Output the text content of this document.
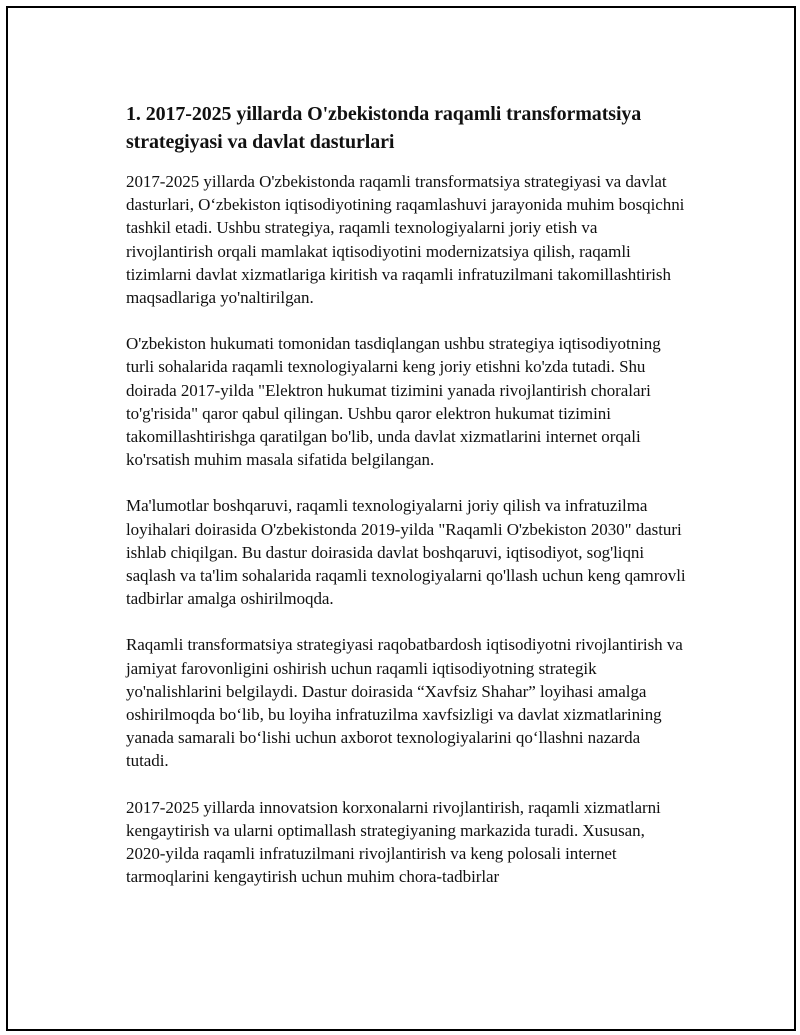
1. 2017-2025 yillarda O'zbekistonda raqamli transformatsiya strategiyasi va davlat dasturlari

2017-2025 yillarda O'zbekistonda raqamli transformatsiya strategiyasi va davlat dasturlari, O‘zbekiston iqtisodiyotining raqamlashuvi jarayonida muhim bosqichni tashkil etadi. Ushbu strategiya, raqamli texnologiyalarni joriy etish va rivojlantirish orqali mamlakat iqtisodiyotini modernizatsiya qilish, raqamli tizimlarni davlat xizmatlariga kiritish va raqamli infratuzilmani takomillashtirish maqsadlariga yo'naltirilgan.

O'zbekiston hukumati tomonidan tasdiqlangan ushbu strategiya iqtisodiyotning turli sohalarida raqamli texnologiyalarni keng joriy etishni ko'zda tutadi. Shu doirada 2017-yilda "Elektron hukumat tizimini yanada rivojlantirish choralari to'g'risida" qaror qabul qilingan. Ushbu qaror elektron hukumat tizimini takomillashtirishga qaratilgan bo'lib, unda davlat xizmatlarini internet orqali ko'rsatish muhim masala sifatida belgilangan.

Ma'lumotlar boshqaruvi, raqamli texnologiyalarni joriy qilish va infratuzilma loyihalari doirasida O'zbekistonda 2019-yilda "Raqamli O'zbekiston 2030" dasturi ishlab chiqilgan. Bu dastur doirasida davlat boshqaruvi, iqtisodiyot, sog'liqni saqlash va ta'lim sohalarida raqamli texnologiyalarni qo'llash uchun keng qamrovli tadbirlar amalga oshirilmoqda.

Raqamli transformatsiya strategiyasi raqobatbardosh iqtisodiyotni rivojlantirish va jamiyat farovonligini oshirish uchun raqamli iqtisodiyotning strategik yo'nalishlarini belgilaydi. Dastur doirasida “Xavfsiz Shahar” loyihasi amalga oshirilmoqda bo‘lib, bu loyiha infratuzilma xavfsizligi va davlat xizmatlarining yanada samarali bo‘lishi uchun axborot texnologiyalarini qo‘llashni nazarda tutadi.

2017-2025 yillarda innovatsion korxonalarni rivojlantirish, raqamli xizmatlarni kengaytirish va ularni optimallash strategiyaning markazida turadi. Xususan, 2020-yilda raqamli infratuzilmani rivojlantirish va keng polosali internet tarmoqlarini kengaytirish uchun muhim chora-tadbirlar
